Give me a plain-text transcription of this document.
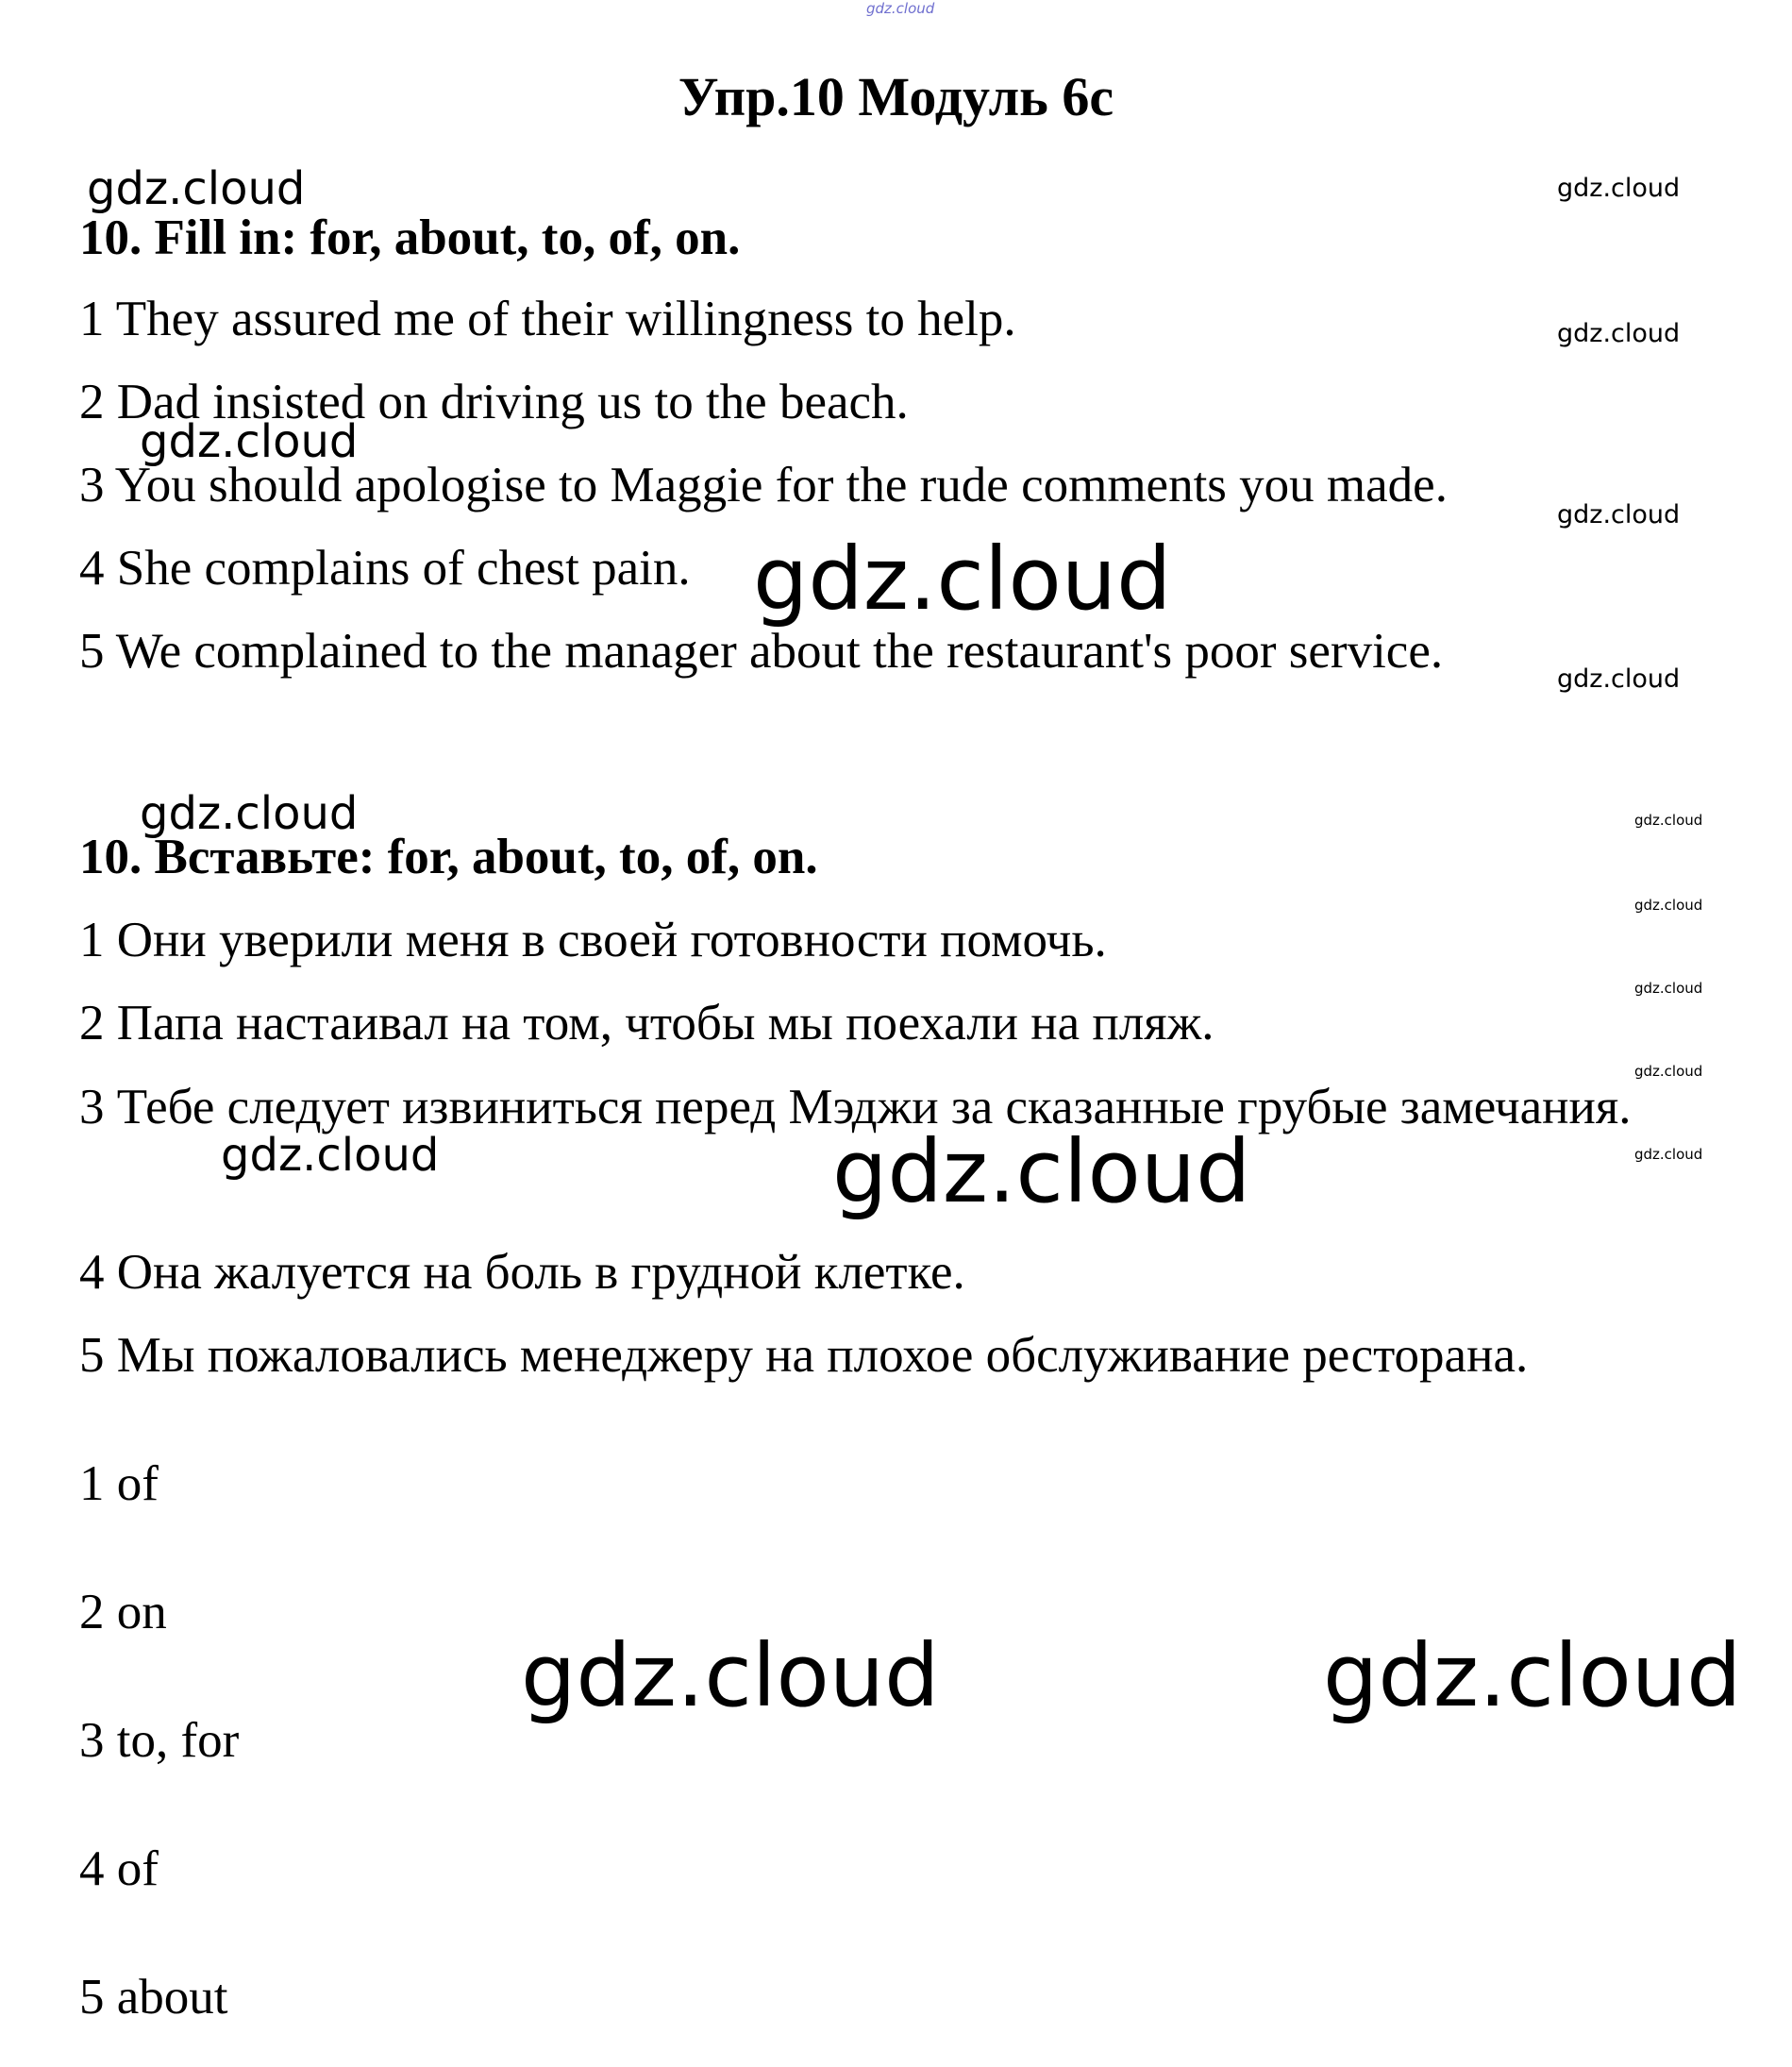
gdz.cloud
gdz.cloud	gdz.cloud
gdz.cloud
gdz.cloud
gdz.cloud
gdz.cloud
gdz.cloud
gdz.cloud	gdz.cloud
gdz.cloud
gdz.cloud
gdz.cloud
gdz.cloud	gdz.cloud
gdz.cloud
gdz.cloud	gdz.cloud
Упр.10 Модуль 6с
10. Fill in: for, about, to, of, on.
1 They assured me of their willingness to help.
2 Dad insisted on driving us to the beach.
3 You should apologise to Maggie for the rude comments you made.
4 She complains of chest pain.
5 We complained to the manager about the restaurant's poor service.
10. Вставьте: for, about, to, of, on.
1 Они уверили меня в своей готовности помочь.
2 Папа настаивал на том, чтобы мы поехали на пляж.
3 Тебе следует извиниться перед Мэджи за сказанные грубые замечания.
4 Она жалуется на боль в грудной клетке.
5 Мы пожаловались менеджеру на плохое обслуживание ресторана.
1 of
2 on
3 to, for
4 of
5 about
